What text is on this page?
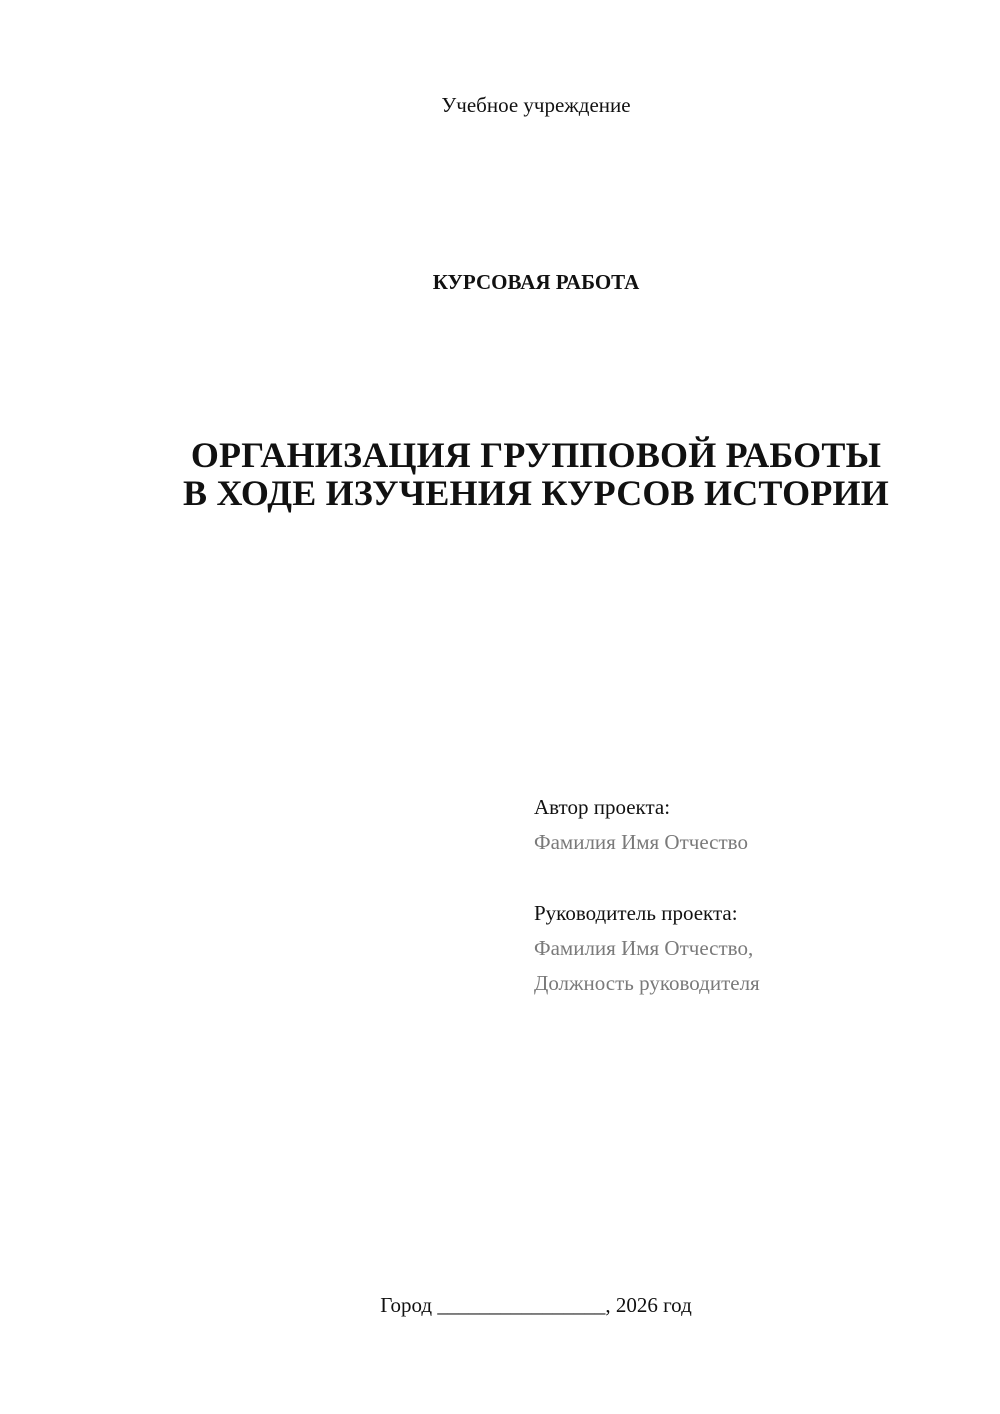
Учебное учреждение
КУРСОВАЯ РАБОТА
ОРГАНИЗАЦИЯ ГРУППОВОЙ РАБОТЫ
В ХОДЕ ИЗУЧЕНИЯ КУРСОВ ИСТОРИИ
Автор проекта:
Фамилия Имя Отчество
Руководитель проекта:
Фамилия Имя Отчество,
Должность руководителя
Город ________________, 2026 год
